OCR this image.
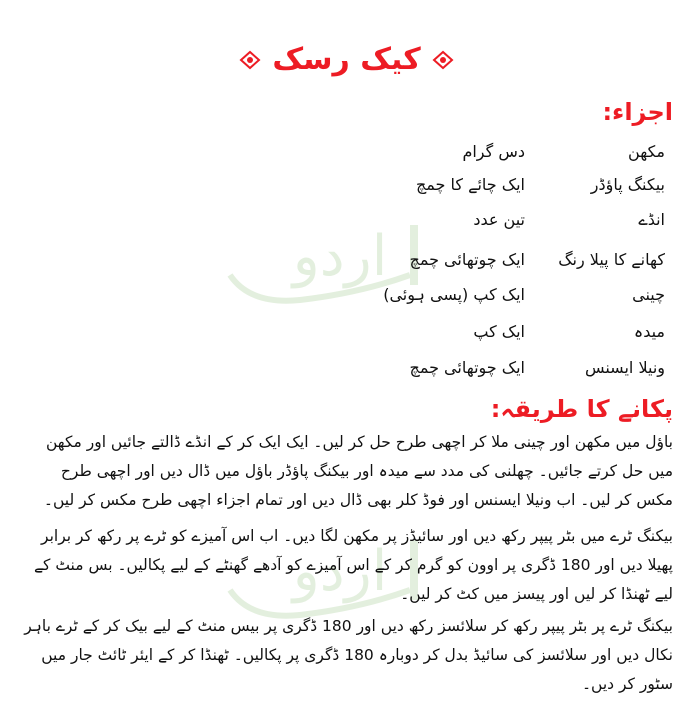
اردو
اردو
کیک رسک
اجزاء:
مکھن
دس گرام
بیکنگ پاؤڈر
ایک چائے کا چمچ
انڈے
تین عدد
کھانے کا پیلا رنگ
ایک چوتھائی چمچ
چینی
ایک کپ (پسی ہوئی)
میدہ
ایک کپ
ونیلا ایسنس
ایک چوتھائی چمچ
پکانے کا طریقہ:
باؤل میں مکھن اور چینی ملا کر اچھی طرح حل کر لیں۔ ایک ایک کر کے انڈے ڈالتے جائیں اور مکھن میں حل کرتے جائیں۔ چھلنی کی مدد سے میدہ اور بیکنگ پاؤڈر باؤل میں ڈال دیں اور اچھی طرح مکس کر لیں۔ اب ونیلا ایسنس اور فوڈ کلر بھی ڈال دیں اور تمام اجزاء اچھی طرح مکس کر لیں۔
بیکنگ ٹرے میں بٹر پیپر رکھ دیں اور سائیڈز پر مکھن لگا دیں۔ اب اس آمیزے کو ٹرے پر رکھ کر برابر پھیلا دیں اور 180 ڈگری پر اوون کو گرم کر کے اس آمیزے کو آدھے گھنٹے کے لیے پکالیں۔ بس منٹ کے لیے ٹھنڈا کر لیں اور پیسز میں کٹ کر لیں۔
بیکنگ ٹرے پر بٹر پیپر رکھ کر سلائسز رکھ دیں اور 180 ڈگری پر بیس منٹ کے لیے بیک کر کے ٹرے باہر نکال دیں اور سلائسز کی سائیڈ بدل کر دوبارہ 180 ڈگری پر پکالیں۔ ٹھنڈا کر کے ایئر ٹائٹ جار میں سٹور کر دیں۔
